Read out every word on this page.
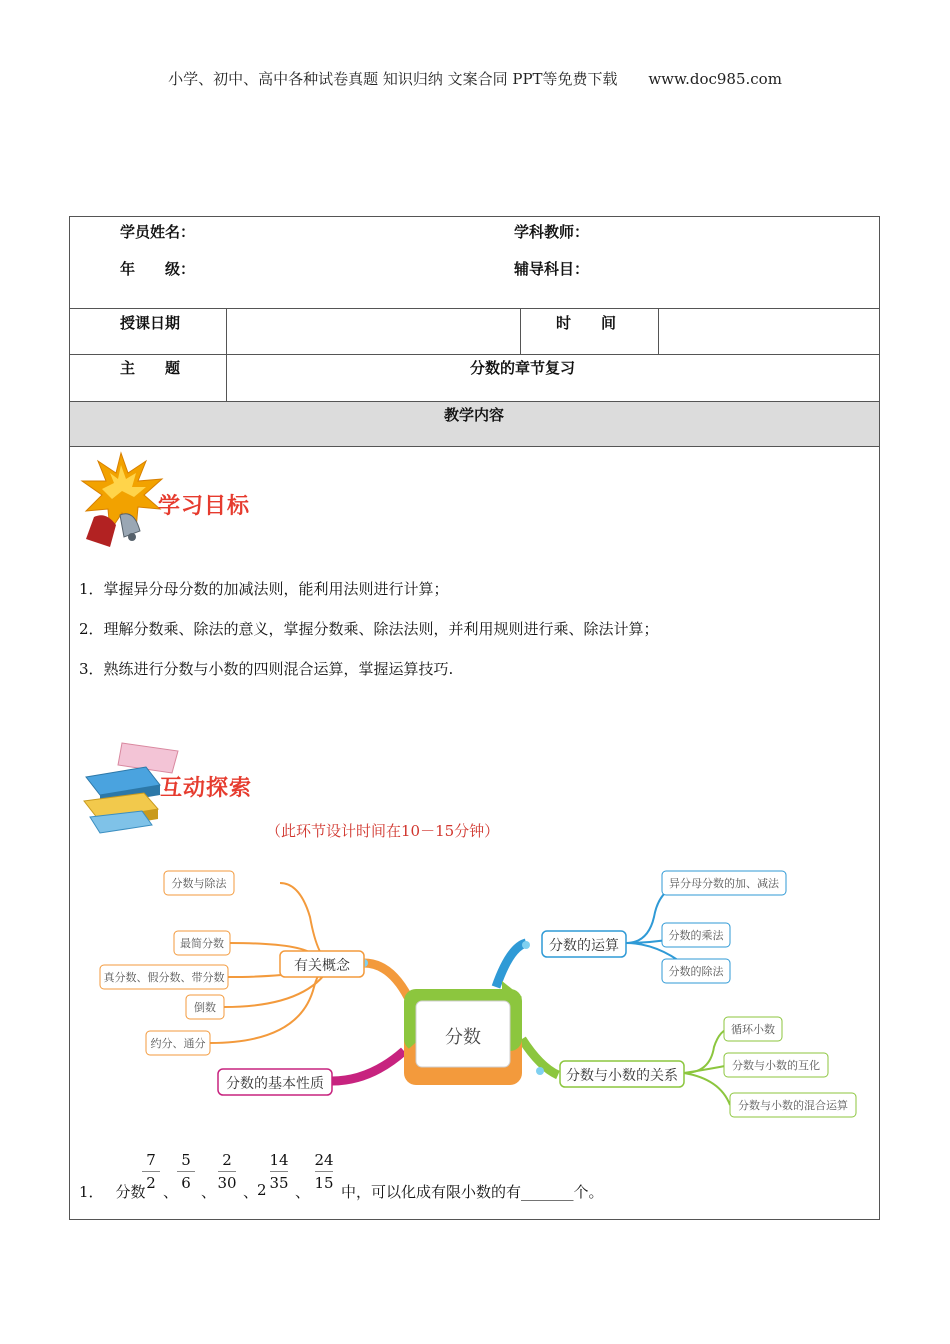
小学、初中、高中各种试卷真题 知识归纳 文案合同 PPT等免费下载 www.doc985.com
学员姓名：	学科教师：
年　　级：	辅导科目：
授课日期	时　　间
主　　题	分数的章节复习
教学内容
学习目标
1．掌握异分母分数的加减法则，能利用法则进行计算；
2．理解分数乘、除法的意义，掌握分数乘、除法法则，并利用规则进行乘、除法计算；
3．熟练进行分数与小数的四则混合运算，掌握运算技巧.
互动探索
（此环节设计时间在10－15分钟）
分数
有关概念
分数的基本性质
分数的运算
分数与小数的关系
分数与除法
最简分数
真分数、假分数、带分数
倒数
约分、通分
异分母分数的加、减法
分数的乘法
分数的除法
循环小数
分数与小数的互化
分数与小数的混合运算
7
2
5
6
2
30
14
35
24
15
1． 分数 、 、 、
2 、 中，可以化成有限小数的有_______个。
